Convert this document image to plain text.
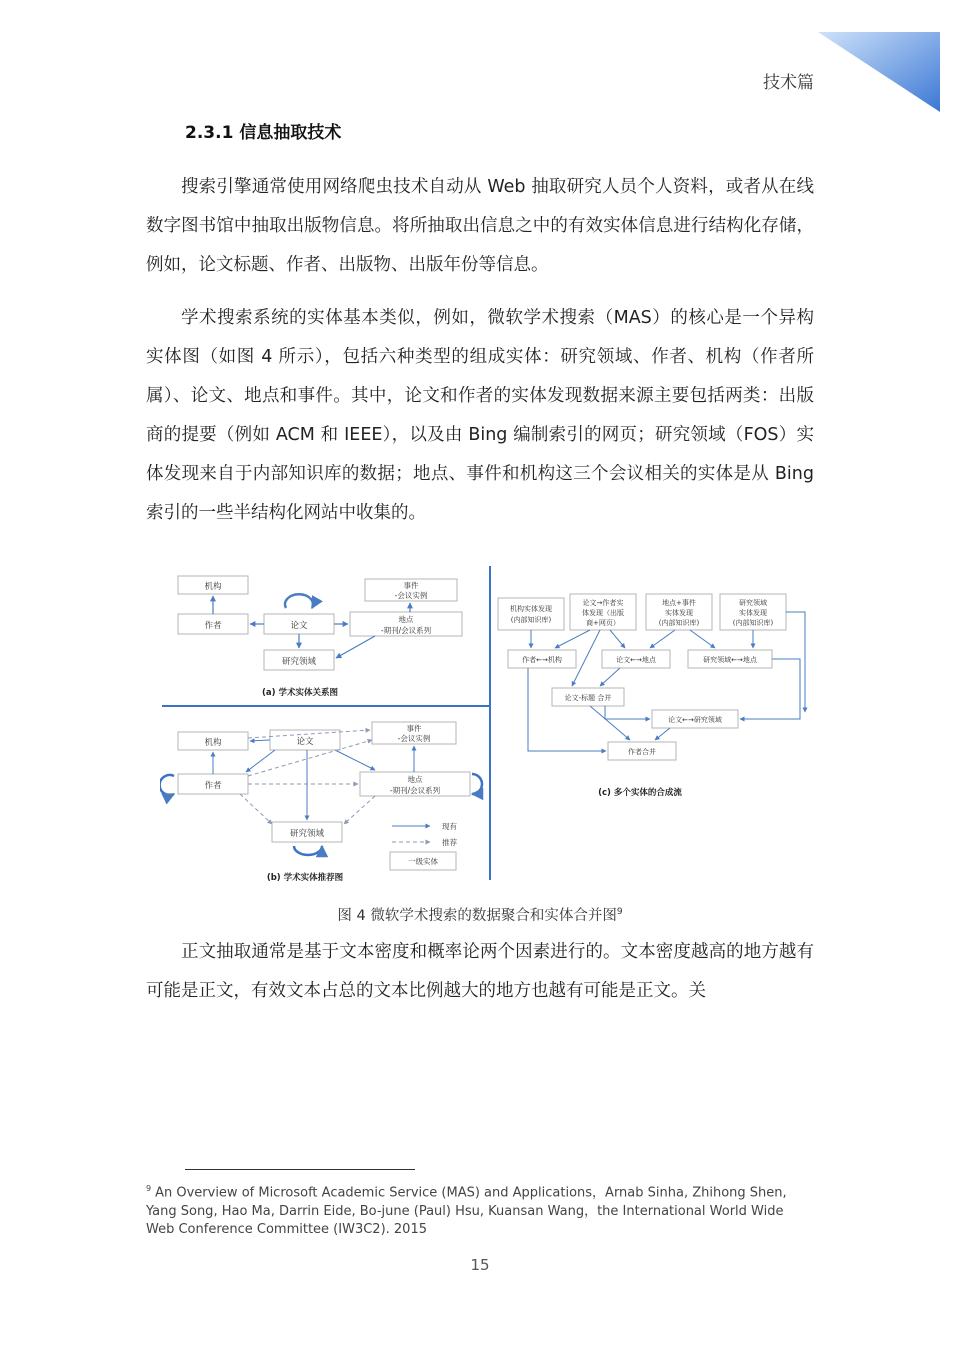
技术篇
2.3.1 信息抽取技术

搜索引擎通常使用网络爬虫技术自动从 Web 抽取研究人员个人资料，或者从在线数字图书馆中抽取出版物信息。将所抽取出信息之中的有效实体信息进行结构化存储，例如，论文标题、作者、出版物、出版年份等信息。

学术搜索系统的实体基本类似，例如，微软学术搜索（MAS）的核心是一个异构实体图（如图 4 所示），包括六种类型的组成实体：研究领域、作者、机构（作者所属）、论文、地点和事件。其中，论文和作者的实体发现数据来源主要包括两类：出版商的提要（例如 ACM 和 IEEE），以及由 Bing 编制索引的网页；研究领域（FOS）实体发现来自于内部知识库的数据；地点、事件和机构这三个会议相关的实体是从 Bing 索引的一些半结构化网站中收集的。

机构	事件
-会议实例
作者	论文
地点
-期刊/会议系列
研究领域
(a) 学术实体关系图
机构	论文
事件
-会议实例
作者
地点
-期刊/会议系列
研究领域
现有
推荐
一级实体
(b) 学术实体推荐图
机构实体发现
(内部知识库)
论文→作者实
体发现（出版
商+网页）
地点+事件
实体发现
(内部知识库)
研究领域
实体发现
(内部知识库)
作者←→机构	论文←→地点	研究领域←→地点
论文-标题 合并
论文←→研究领域
作者合并
(c) 多个实体的合成流
图 4 微软学术搜索的数据聚合和实体合并图$^9$

正文抽取通常是基于文本密度和概率论两个因素进行的。文本密度越高的地方越有可能是正文，有效文本占总的文本比例越大的地方也越有可能是正文。关

$^9$ An Overview of Microsoft Academic Service (MAS) and Applications，Arnab Sinha, Zhihong Shen, Yang Song, Hao Ma, Darrin Eide, Bo-june (Paul) Hsu, Kuansan Wang，the International World Wide Web Conference Committee (IW3C2). 2015
15
